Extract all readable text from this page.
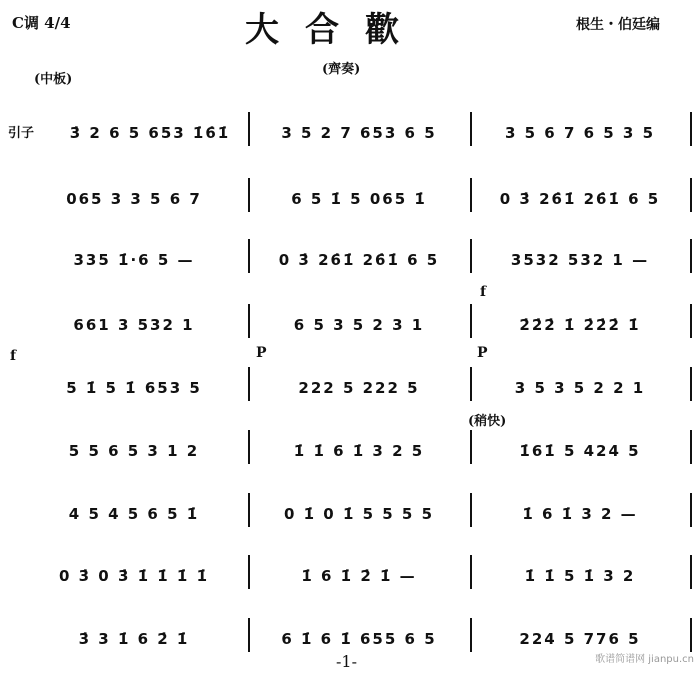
C调 4/4	大合歡	根生・伯廷编
(中板)
(齊奏)
引子	3̇ 2 6 5 653 1̇6̇1̇	3 5 2 7 653 6 5	3 5 6 7 6 5 3 5
065 3 3 5 6 7	6 5 1̇ 5 065 1̇	0 3̇ 26̇1̇ 26̇1̇ 6 5
335 1̇·6 5 —	0 3̇ 26̇1̇ 26̇1̇ 6 5	3532 532 1 —
661 3 532 1	6 5 3 5 2 3 1	2̇2̇2̇ 1̇ 2̇2̇2̇ 1̇
5 1̇ 5 1̇ 653 5	222 5 222 5	3 5 3 5 2 2 1
5 5 6 5 3 1 2	1̇ 1̇ 6 1̇ 3 2 5	1̇61̇ 5 424 5
4 5 4 5 6 5 1̇	0 1̇ 0 1̇ 5 5 5 5	1̇ 6 1̇ 3 2 —
0 3̇ 0 3̇ 1̇ 1̇ 1̇ 1̇	1̇ 6 1̇ 2̇ 1̇ —	1̇ 1̇ 5 1̇ 3 2
3̇ 3 1̇ 6 2̇ 1̇	6 1̇ 6 1̇ 655 6 5	224 5 776 5
f
f	P	P
(稍快)
-1-	歌谱简谱网 jianpu.cn
